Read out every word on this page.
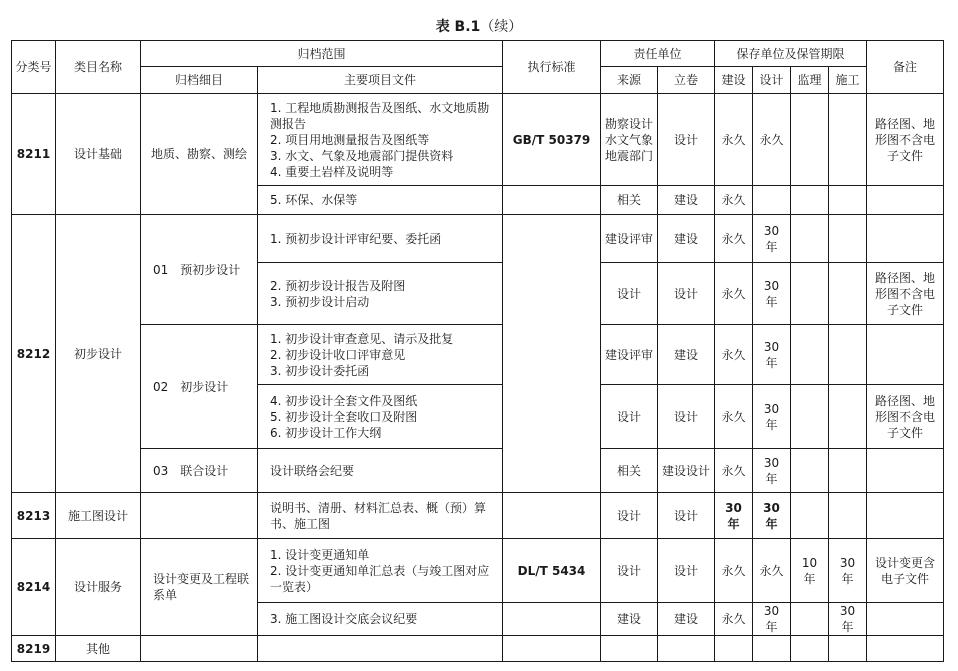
表 B.1（续）
分类号	类目名称	归档范围		执行标准	责任单位		保存单位及保管期限				备注
		归档细目	主要项目文件		来源	立卷	建设	设计	监理	施工	
8211	设计基础	地质、勘察、测绘	1. 工程地质勘测报告及图纸、水文地质勘测报告
2. 项目用地测量报告及图纸等
3. 水文、气象及地震部门提供资料
4. 重要土岩样及说明等	GB/T 50379	勘察设计水文气象地震部门	设计	永久	永久			路径图、地形图不含电子文件

			5. 环保、水保等		相关	建设	永久				
8212	初步设计	01　预初步设计	1. 预初步设计评审纪要、委托函		建设评审	建设	永久	30 年			

			2. 预初步设计报告及附图
3. 预初步设计启动		设计	设计	永久	30 年			路径图、地形图不含电子文件
		02　初步设计	1. 初步设计审查意见、请示及批复
2. 初步设计收口评审意见
3. 初步设计委托函		建设评审	建设	永久	30 年			

			4. 初步设计全套文件及图纸
5. 初步设计全套收口及附图
6. 初步设计工作大纲		设计	设计	永久	30 年			路径图、地形图不含电子文件
		03　联合设计	设计联络会纪要		相关	建设设计	永久	30 年			
8213	施工图设计		说明书、清册、材料汇总表、概（预）算书、施工图		设计	设计	30 年	30 年			
8214	设计服务	设计变更及工程联系单	1. 设计变更通知单
2. 设计变更通知单汇总表（与竣工图对应一览表）	DL/T 5434	设计	设计	永久	永久	10 年	30 年	设计变更含电子文件

			3. 施工图设计交底会议纪要		建设	建设	永久	30 年		30 年	
8219	其他										
